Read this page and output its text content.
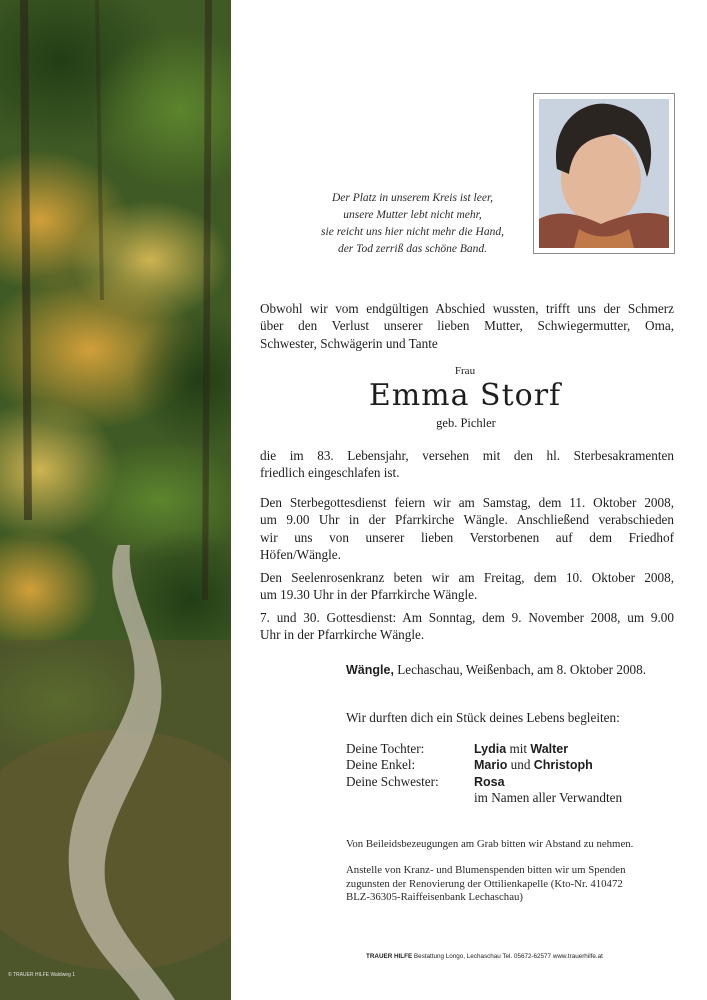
© TRAUER HILFE Waldweg 1
Der Platz in unserem Kreis ist leer,
unsere Mutter lebt nicht mehr,
sie reicht uns hier nicht mehr die Hand,
der Tod zerriß das schöne Band.
Obwohl wir vom endgültigen Abschied wussten, trifft uns der Schmerz
über den Verlust unserer lieben Mutter, Schwiegermutter, Oma,
Schwester, Schwägerin und Tante
Frau
Emma Storf
geb. Pichler
die im 83. Lebensjahr, versehen mit den hl. Sterbesakramenten
friedlich eingeschlafen ist.
Den Sterbegottesdienst feiern wir am Samstag, dem 11. Oktober 2008,
um 9.00 Uhr in der Pfarrkirche Wängle. Anschließend verabschieden
wir uns von unserer lieben Verstorbenen auf dem Friedhof
Höfen/Wängle.
Den Seelenrosenkranz beten wir am Freitag, dem 10. Oktober 2008,
um 19.30 Uhr in der Pfarrkirche Wängle.
7. und 30. Gottesdienst: Am Sonntag, dem 9. November 2008, um 9.00
Uhr in der Pfarrkirche Wängle.
Wängle, Lechaschau, Weißenbach, am 8. Oktober 2008.
Wir durften dich ein Stück deines Lebens begleiten:
Deine Tochter:
Deine Enkel:
Deine Schwester:
Lydia mit Walter
Mario und Christoph
Rosa
im Namen aller Verwandten
Von Beileidsbezeugungen am Grab bitten wir Abstand zu nehmen.
Anstelle von Kranz- und Blumenspenden bitten wir um Spenden
zugunsten der Renovierung der Ottilienkapelle (Kto-Nr. 410472
BLZ-36305-Raiffeisenbank Lechaschau)
TRAUER HILFE Bestattung Longo, Lechaschau Tel. 05672-62577 www.trauerhilfe.at
